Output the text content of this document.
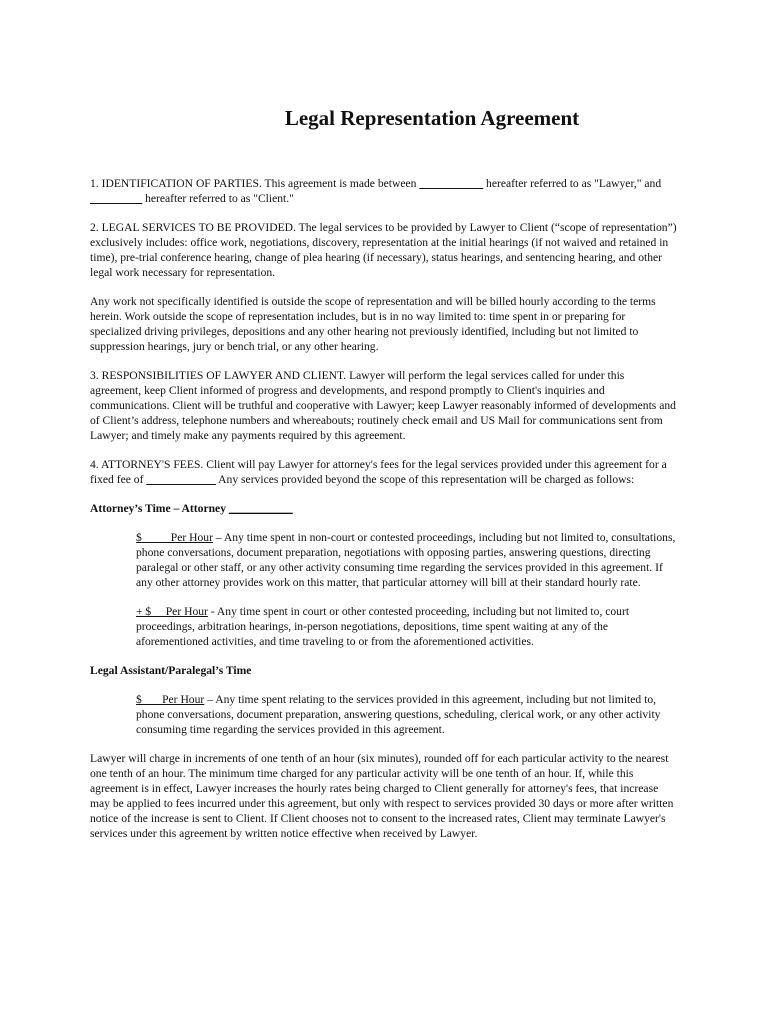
Legal Representation Agreement

1. IDENTIFICATION OF PARTIES. This agreement is made between ___________ hereafter referred to as "Lawyer," and _________ hereafter referred to as "Client."

2. LEGAL SERVICES TO BE PROVIDED. The legal services to be provided by Lawyer to Client (“scope of representation”) exclusively includes: office work, negotiations, discovery, representation at the initial hearings (if not waived and retained in time), pre-trial conference hearing, change of plea hearing (if necessary), status hearings, and sentencing hearing, and other legal work necessary for representation.

Any work not specifically identified is outside the scope of representation and will be billed hourly according to the terms herein. Work outside the scope of representation includes, but is in no way limited to: time spent in or preparing for specialized driving privileges, depositions and any other hearing not previously identified, including but not limited to suppression hearings, jury or bench trial, or any other hearing.

3. RESPONSIBILITIES OF LAWYER AND CLIENT. Lawyer will perform the legal services called for under this agreement, keep Client informed of progress and developments, and respond promptly to Client's inquiries and communications. Client will be truthful and cooperative with Lawyer; keep Lawyer reasonably informed of developments and of Client’s address, telephone numbers and whereabouts; routinely check email and US Mail for communications sent from Lawyer; and timely make any payments required by this agreement.

4. ATTORNEY'S FEES. Client will pay Lawyer for attorney's fees for the legal services provided under this agreement for a fixed fee of ____________ Any services provided beyond the scope of this representation will be charged as follows:

Attorney’s Time – Attorney ___________

$_____Per Hour – Any time spent in non-court or contested proceedings, including but not limited to, consultations, phone conversations, document preparation, negotiations with opposing parties, answering questions, directing paralegal or other staff, or any other activity consuming time regarding the services provided in this agreement. If any other attorney provides work on this matter, that particular attorney will bill at their standard hourly rate.

+ $__ Per Hour - Any time spent in court or other contested proceeding, including but not limited to, court proceedings, arbitration hearings, in-person negotiations, depositions, time spent waiting at any of the aforementioned activities, and time traveling to or from the aforementioned activities.

Legal Assistant/Paralegal’s Time

$___ Per Hour – Any time spent relating to the services provided in this agreement, including but not limited to, phone conversations, document preparation, answering questions, scheduling, clerical work, or any other activity consuming time regarding the services provided in this agreement.

Lawyer will charge in increments of one tenth of an hour (six minutes), rounded off for each particular activity to the nearest one tenth of an hour. The minimum time charged for any particular activity will be one tenth of an hour. If, while this agreement is in effect, Lawyer increases the hourly rates being charged to Client generally for attorney's fees, that increase may be applied to fees incurred under this agreement, but only with respect to services provided 30 days or more after written notice of the increase is sent to Client. If Client chooses not to consent to the increased rates, Client may terminate Lawyer's services under this agreement by written notice effective when received by Lawyer.
